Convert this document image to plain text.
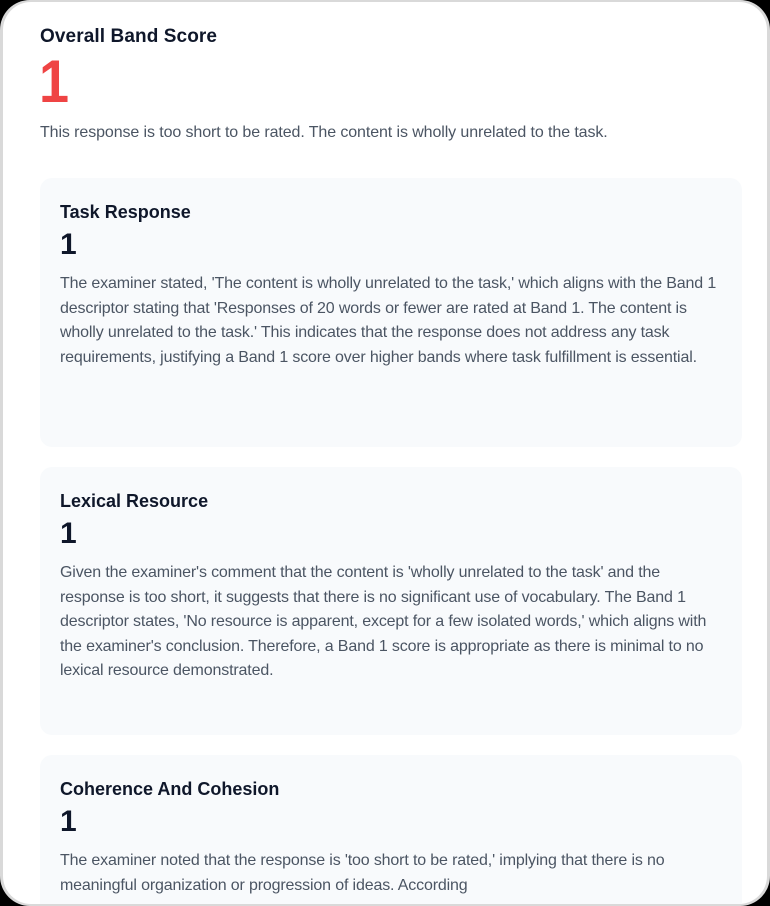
Overall Band Score
1

This response is too short to be rated. The content is wholly unrelated to the task.

Task Response
1
The examiner stated, 'The content is wholly unrelated to the task,' which aligns with the Band 1 descriptor stating that 'Responses of 20 words or fewer are rated at Band 1. The content is wholly unrelated to the task.' This indicates that the response does not address any task requirements, justifying a Band 1 score over higher bands where task fulfillment is essential.
Lexical Resource
1
Given the examiner's comment that the content is 'wholly unrelated to the task' and the response is too short, it suggests that there is no significant use of vocabulary. The Band 1 descriptor states, 'No resource is apparent, except for a few isolated words,' which aligns with the examiner's conclusion. Therefore, a Band 1 score is appropriate as there is minimal to no lexical resource demonstrated.
Coherence And Cohesion
1
The examiner noted that the response is 'too short to be rated,' implying that there is no meaningful organization or progression of ideas. According
